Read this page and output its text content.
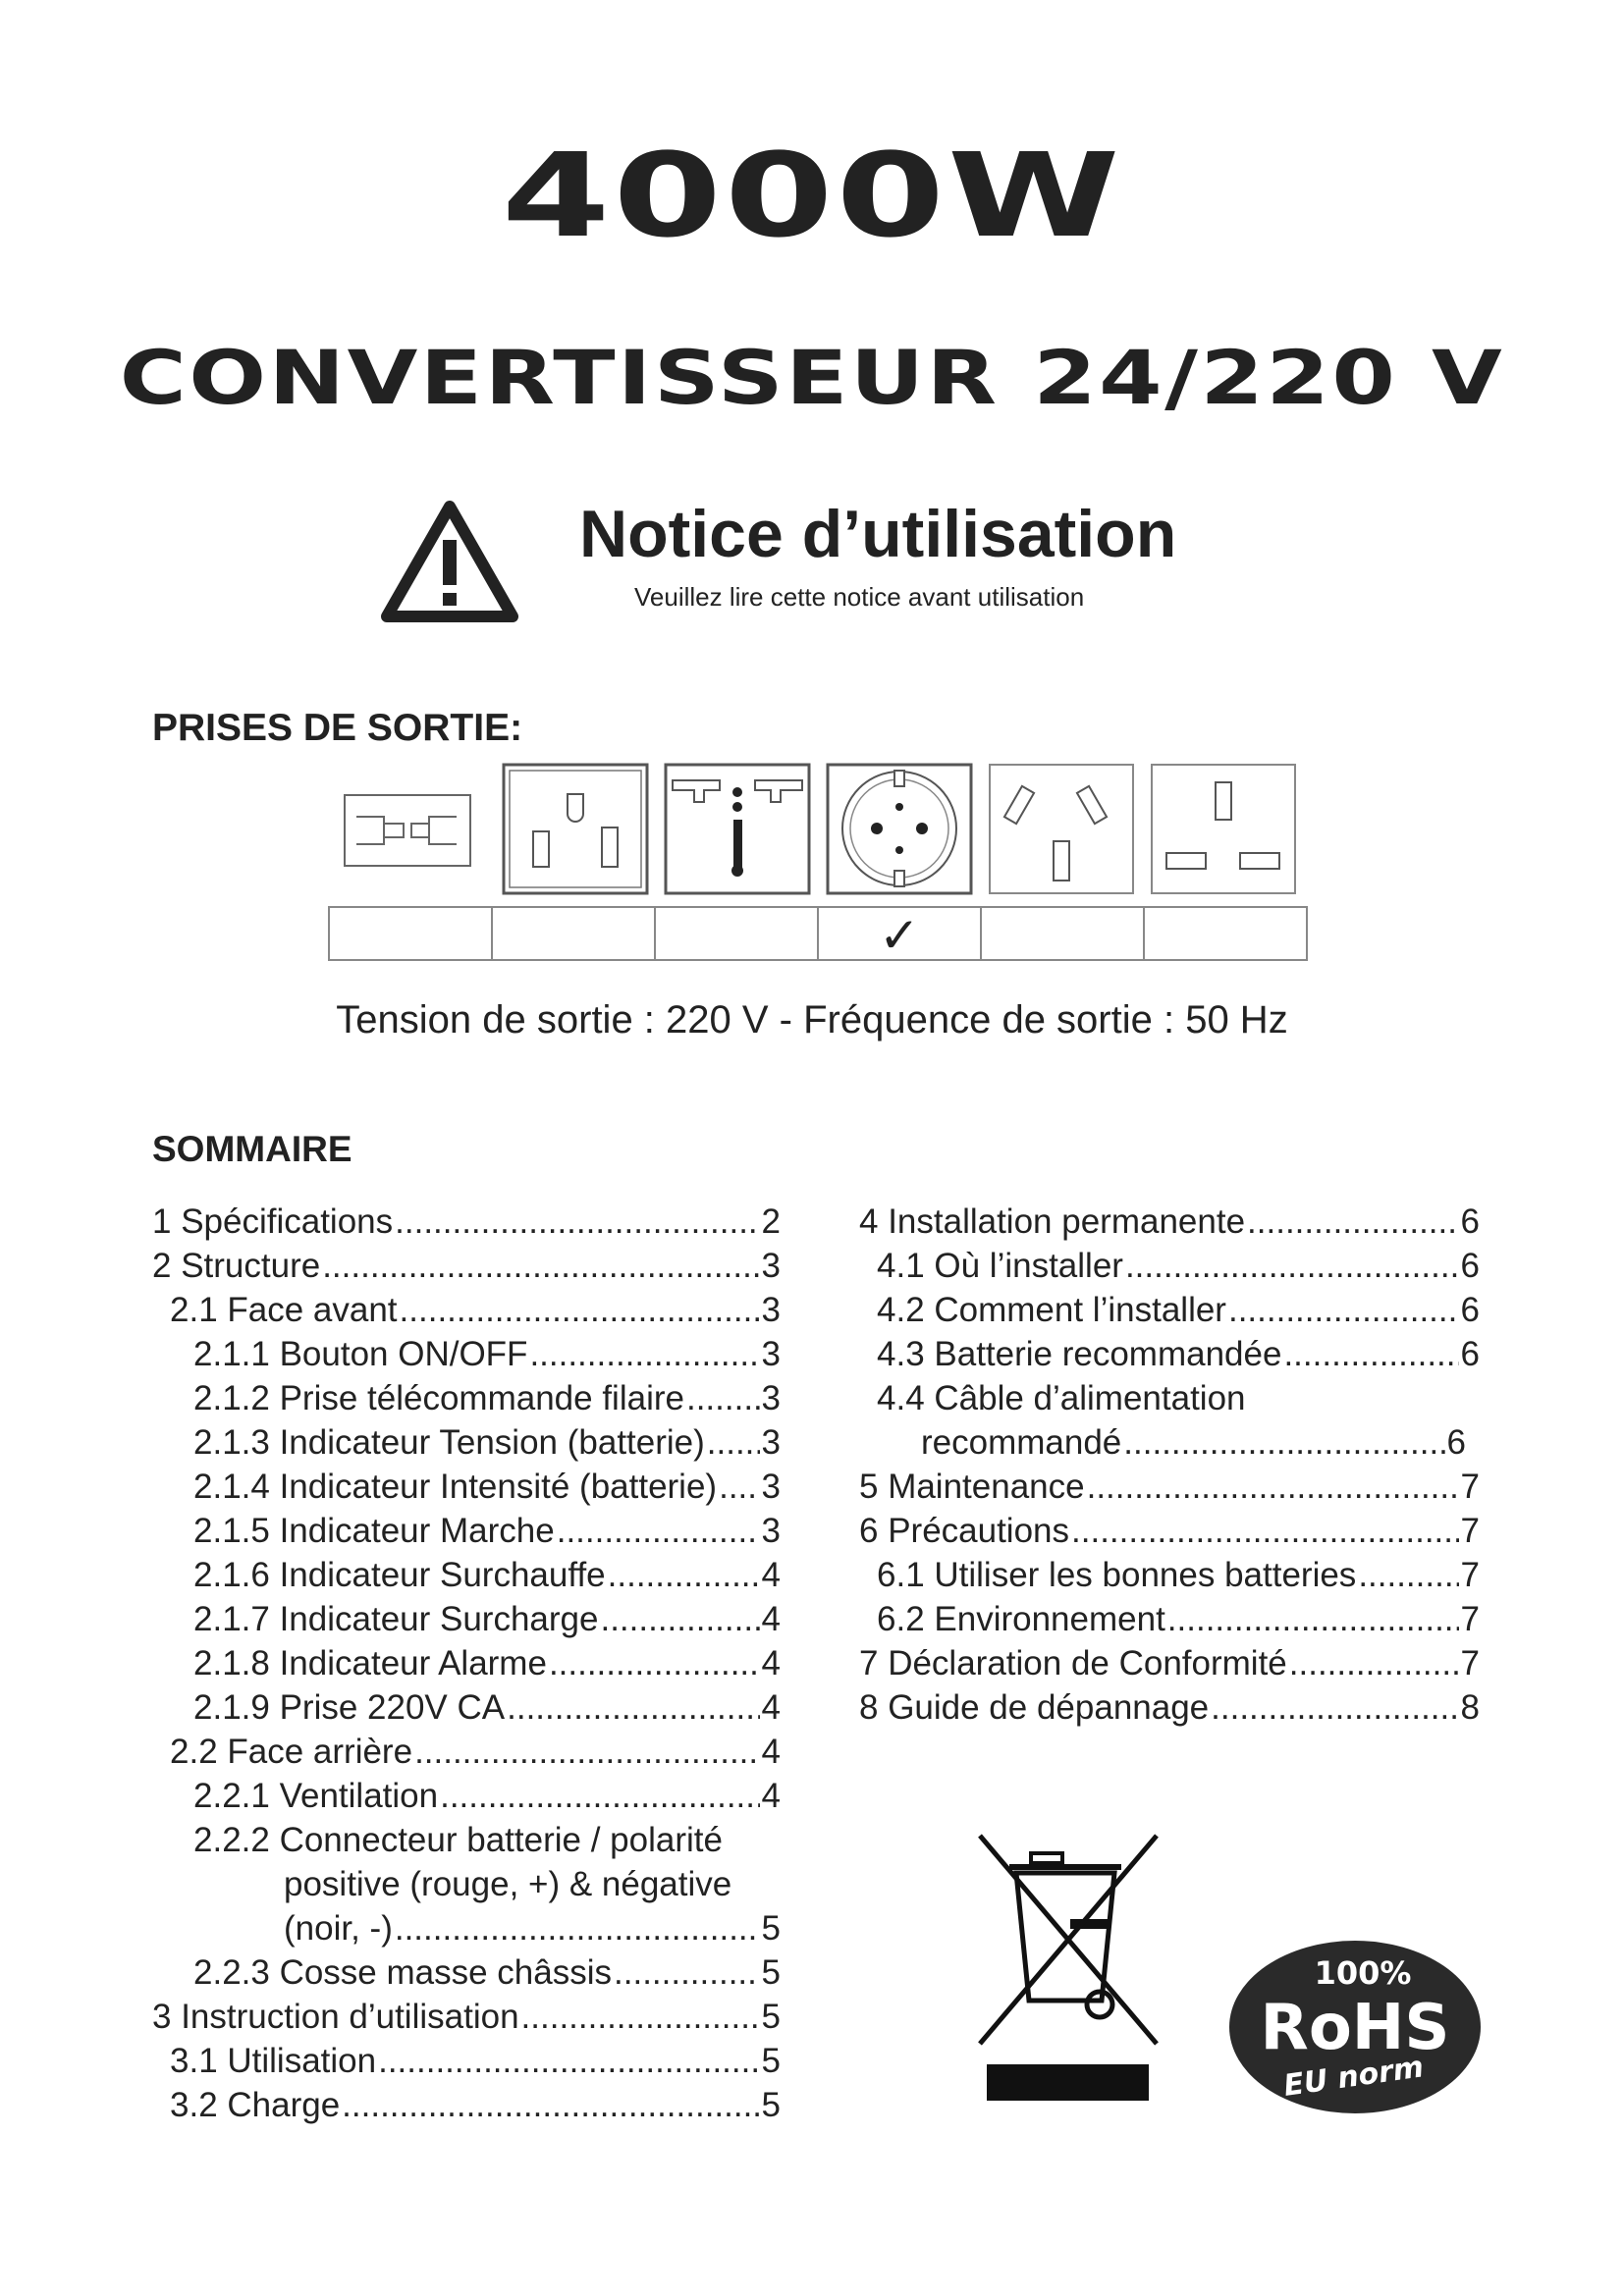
4000W
CONVERTISSEUR 24/220 V
Notice d’utilisation
Veuillez lire cette notice avant utilisation
PRISES DE SORTIE:
✓
Tension de sortie : 220 V - Fréquence de sortie : 50 Hz
SOMMAIRE
1 Spécifications .....	2
2 Structure .....	3
2.1 Face avant .....	3
2.1.1 Bouton ON/OFF .....	3
2.1.2 Prise télécommande filaire ..... 3
2.1.3 Indicateur Tension (batterie) ..... 3
2.1.4 Indicateur Intensité (batterie) ..... 3
2.1.5 Indicateur Marche .....	3
2.1.6 Indicateur Surchauffe .....	4
2.1.7 Indicateur Surcharge .....	4
2.1.8 Indicateur Alarme .....	4
2.1.9 Prise 220V CA .....	4
2.2 Face arrière .....	4
2.2.1 Ventilation .....	4
2.2.2 Connecteur batterie / polarité
positive (rouge, +) & négative
(noir, -) .....	5
2.2.3 Cosse masse châssis .....	5
3 Instruction d’utilisation .....	5
3.1 Utilisation .....	5
3.2 Charge .....	5
4 Installation permanente .....	6
4.1 Où l’installer .....	6
4.2 Comment l’installer .....	6
4.3 Batterie recommandée .....	6
4.4 Câble d’alimentation
recommandé .....	6
5 Maintenance .....	7
6 Précautions .....	7
6.1 Utiliser les bonnes batteries .....	7
6.2 Environnement .....	7
7 Déclaration de Conformité .....	7
8 Guide de dépannage .....	8
100%
RoHS
EU norm
